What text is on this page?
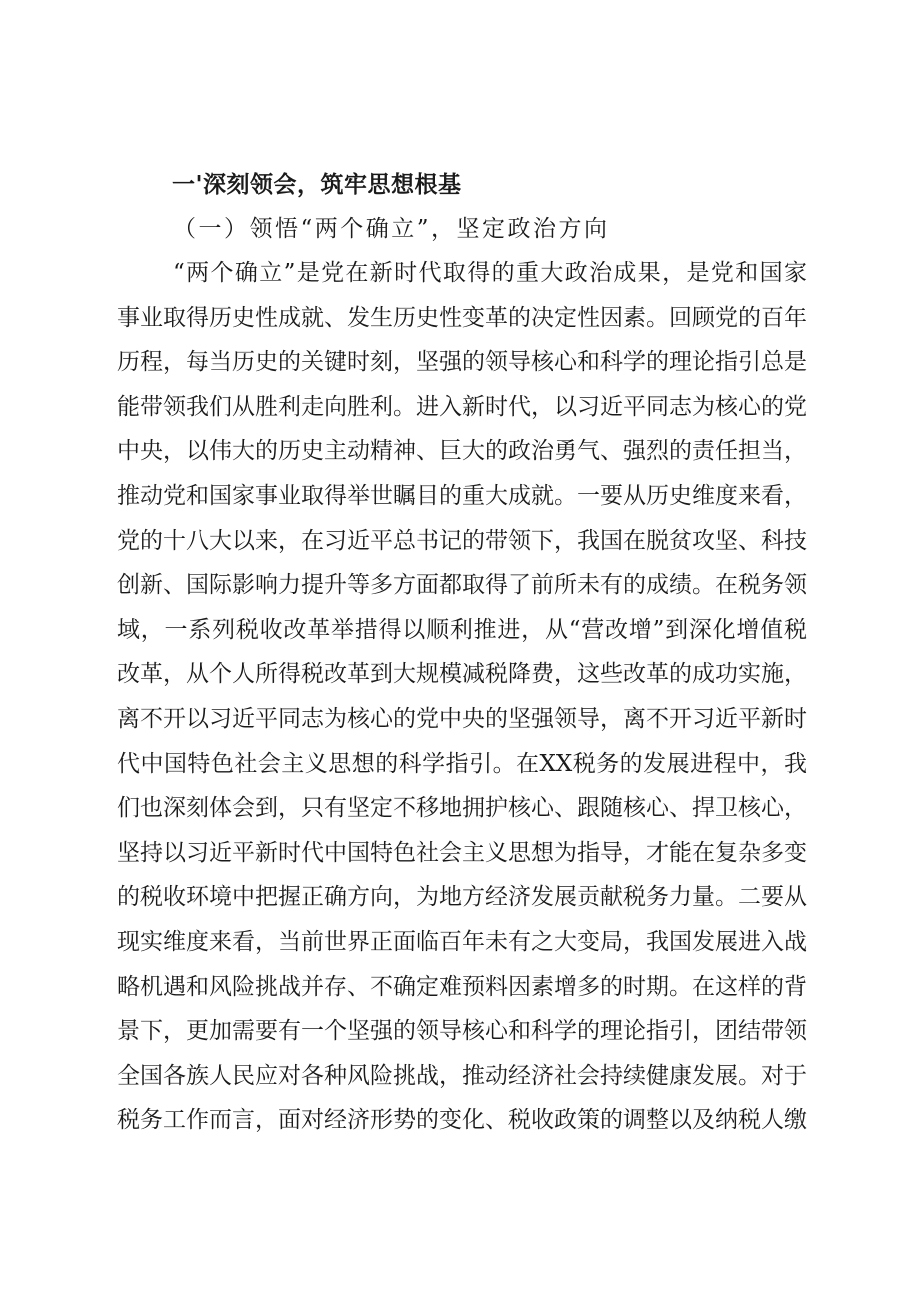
一'深刻领会，筑牢思想根基
（一）领悟“两个确立”，坚定政治方向
“两个确立”是党在新时代取得的重大政治成果，是党和国家
事业取得历史性成就、发生历史性变革的决定性因素。回顾党的百年
历程，每当历史的关键时刻，坚强的领导核心和科学的理论指引总是
能带领我们从胜利走向胜利。进入新时代，以习近平同志为核心的党
中央，以伟大的历史主动精神、巨大的政治勇气、强烈的责任担当，
推动党和国家事业取得举世瞩目的重大成就。一要从历史维度来看，
党的十八大以来，在习近平总书记的带领下，我国在脱贫攻坚、科技
创新、国际影响力提升等多方面都取得了前所未有的成绩。在税务领
域，一系列税收改革举措得以顺利推进，从“营改增”到深化增值税
改革，从个人所得税改革到大规模减税降费，这些改革的成功实施，
离不开以习近平同志为核心的党中央的坚强领导，离不开习近平新时
代中国特色社会主义思想的科学指引。在XX税务的发展进程中，我
们也深刻体会到，只有坚定不移地拥护核心、跟随核心、捍卫核心，
坚持以习近平新时代中国特色社会主义思想为指导，才能在复杂多变
的税收环境中把握正确方向，为地方经济发展贡献税务力量。二要从
现实维度来看，当前世界正面临百年未有之大变局，我国发展进入战
略机遇和风险挑战并存、不确定难预料因素增多的时期。在这样的背
景下，更加需要有一个坚强的领导核心和科学的理论指引，团结带领
全国各族人民应对各种风险挑战，推动经济社会持续健康发展。对于
税务工作而言，面对经济形势的变化、税收政策的调整以及纳税人缴
